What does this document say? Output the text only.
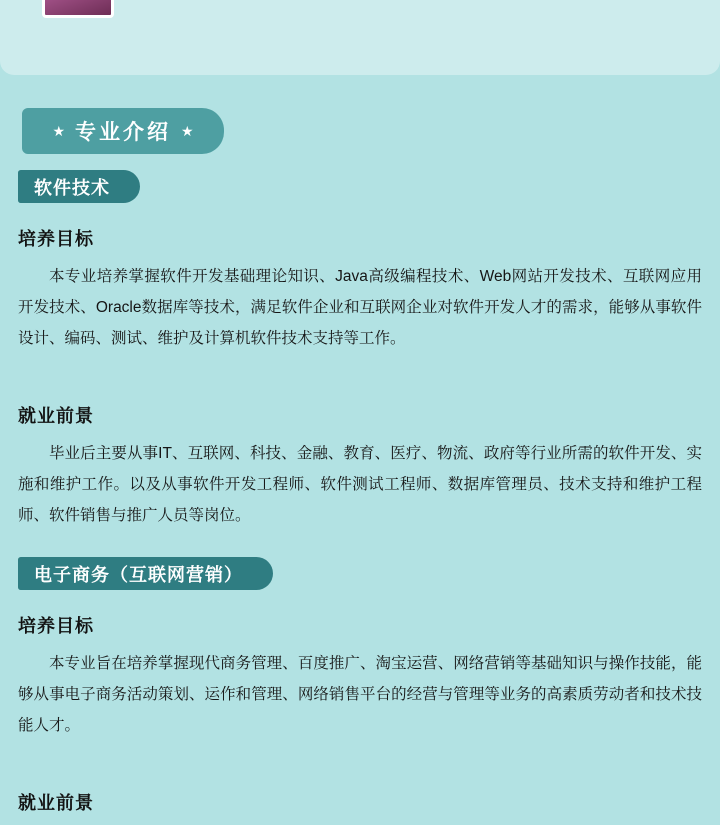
★ 专业介绍 ★
软件技术
培养目标
本专业培养掌握软件开发基础理论知识、Java高级编程技术、Web网站开发技术、互联网应用开发技术、Oracle数据库等技术，满足软件企业和互联网企业对软件开发人才的需求，能够从事软件设计、编码、测试、维护及计算机软件技术支持等工作。
就业前景
毕业后主要从事IT、互联网、科技、金融、教育、医疗、物流、政府等行业所需的软件开发、实施和维护工作。以及从事软件开发工程师、软件测试工程师、数据库管理员、技术支持和维护工程师、软件销售与推广人员等岗位。
电子商务（互联网营销）
培养目标
本专业旨在培养掌握现代商务管理、百度推广、淘宝运营、网络营销等基础知识与操作技能，能够从事电子商务活动策划、运作和管理、网络销售平台的经营与管理等业务的高素质劳动者和技术技能人才。
就业前景
